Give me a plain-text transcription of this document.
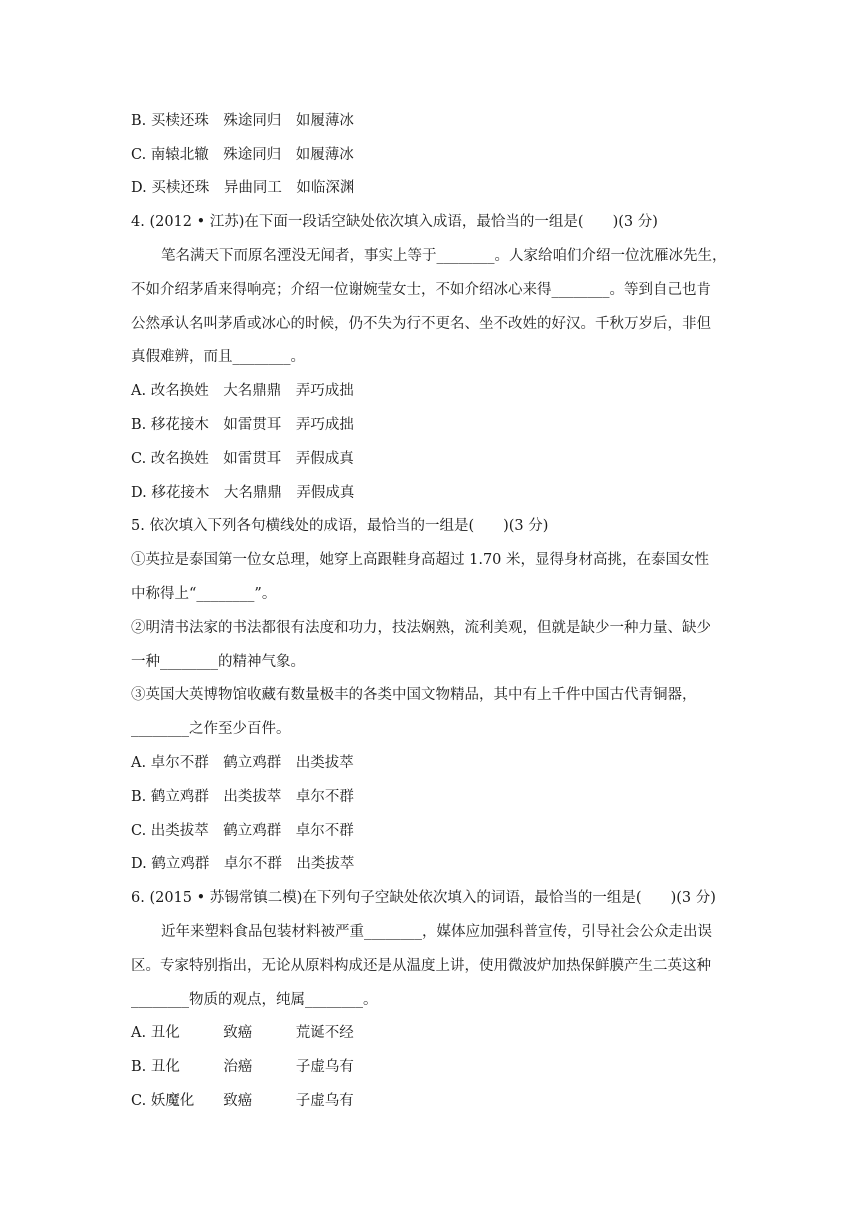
B. 买椟还珠　殊途同归　如履薄冰
C. 南辕北辙　殊途同归　如履薄冰
D. 买椟还珠　异曲同工　如临深渊
4. (2012 • 江苏)在下面一段话空缺处依次填入成语，最恰当的一组是(　　)(3 分)
笔名满天下而原名湮没无闻者，事实上等于________。人家给咱们介绍一位沈雁冰先生，
不如介绍茅盾来得响亮；介绍一位谢婉莹女士，不如介绍冰心来得________。等到自己也肯
公然承认名叫茅盾或冰心的时候，仍不失为行不更名、坐不改姓的好汉。千秋万岁后，非但
真假难辨，而且________。
A. 改名换姓　大名鼎鼎　弄巧成拙
B. 移花接木　如雷贯耳　弄巧成拙
C. 改名换姓　如雷贯耳　弄假成真
D. 移花接木　大名鼎鼎　弄假成真
5. 依次填入下列各句横线处的成语，最恰当的一组是(　　)(3 分)
①英拉是泰国第一位女总理，她穿上高跟鞋身高超过 1.70 米，显得身材高挑，在泰国女性
中称得上“________”。
②明清书法家的书法都很有法度和功力，技法娴熟，流利美观，但就是缺少一种力量、缺少
一种________的精神气象。
③英国大英博物馆收藏有数量极丰的各类中国文物精品，其中有上千件中国古代青铜器，
________之作至少百件。
A. 卓尔不群　鹤立鸡群　出类拔萃
B. 鹤立鸡群　出类拔萃　卓尔不群
C. 出类拔萃　鹤立鸡群　卓尔不群
D. 鹤立鸡群　卓尔不群　出类拔萃
6. (2015 • 苏锡常镇二模)在下列句子空缺处依次填入的词语，最恰当的一组是(　　)(3 分)
近年来塑料食品包装材料被严重________，媒体应加强科普宣传，引导社会公众走出误
区。专家特别指出，无论从原料构成还是从温度上讲，使用微波炉加热保鲜膜产生二英这种
________物质的观点，纯属________。
A. 丑化　　　致癌　　　荒诞不经
B. 丑化　　　治癌　　　子虚乌有
C. 妖魔化　　致癌　　　子虚乌有
